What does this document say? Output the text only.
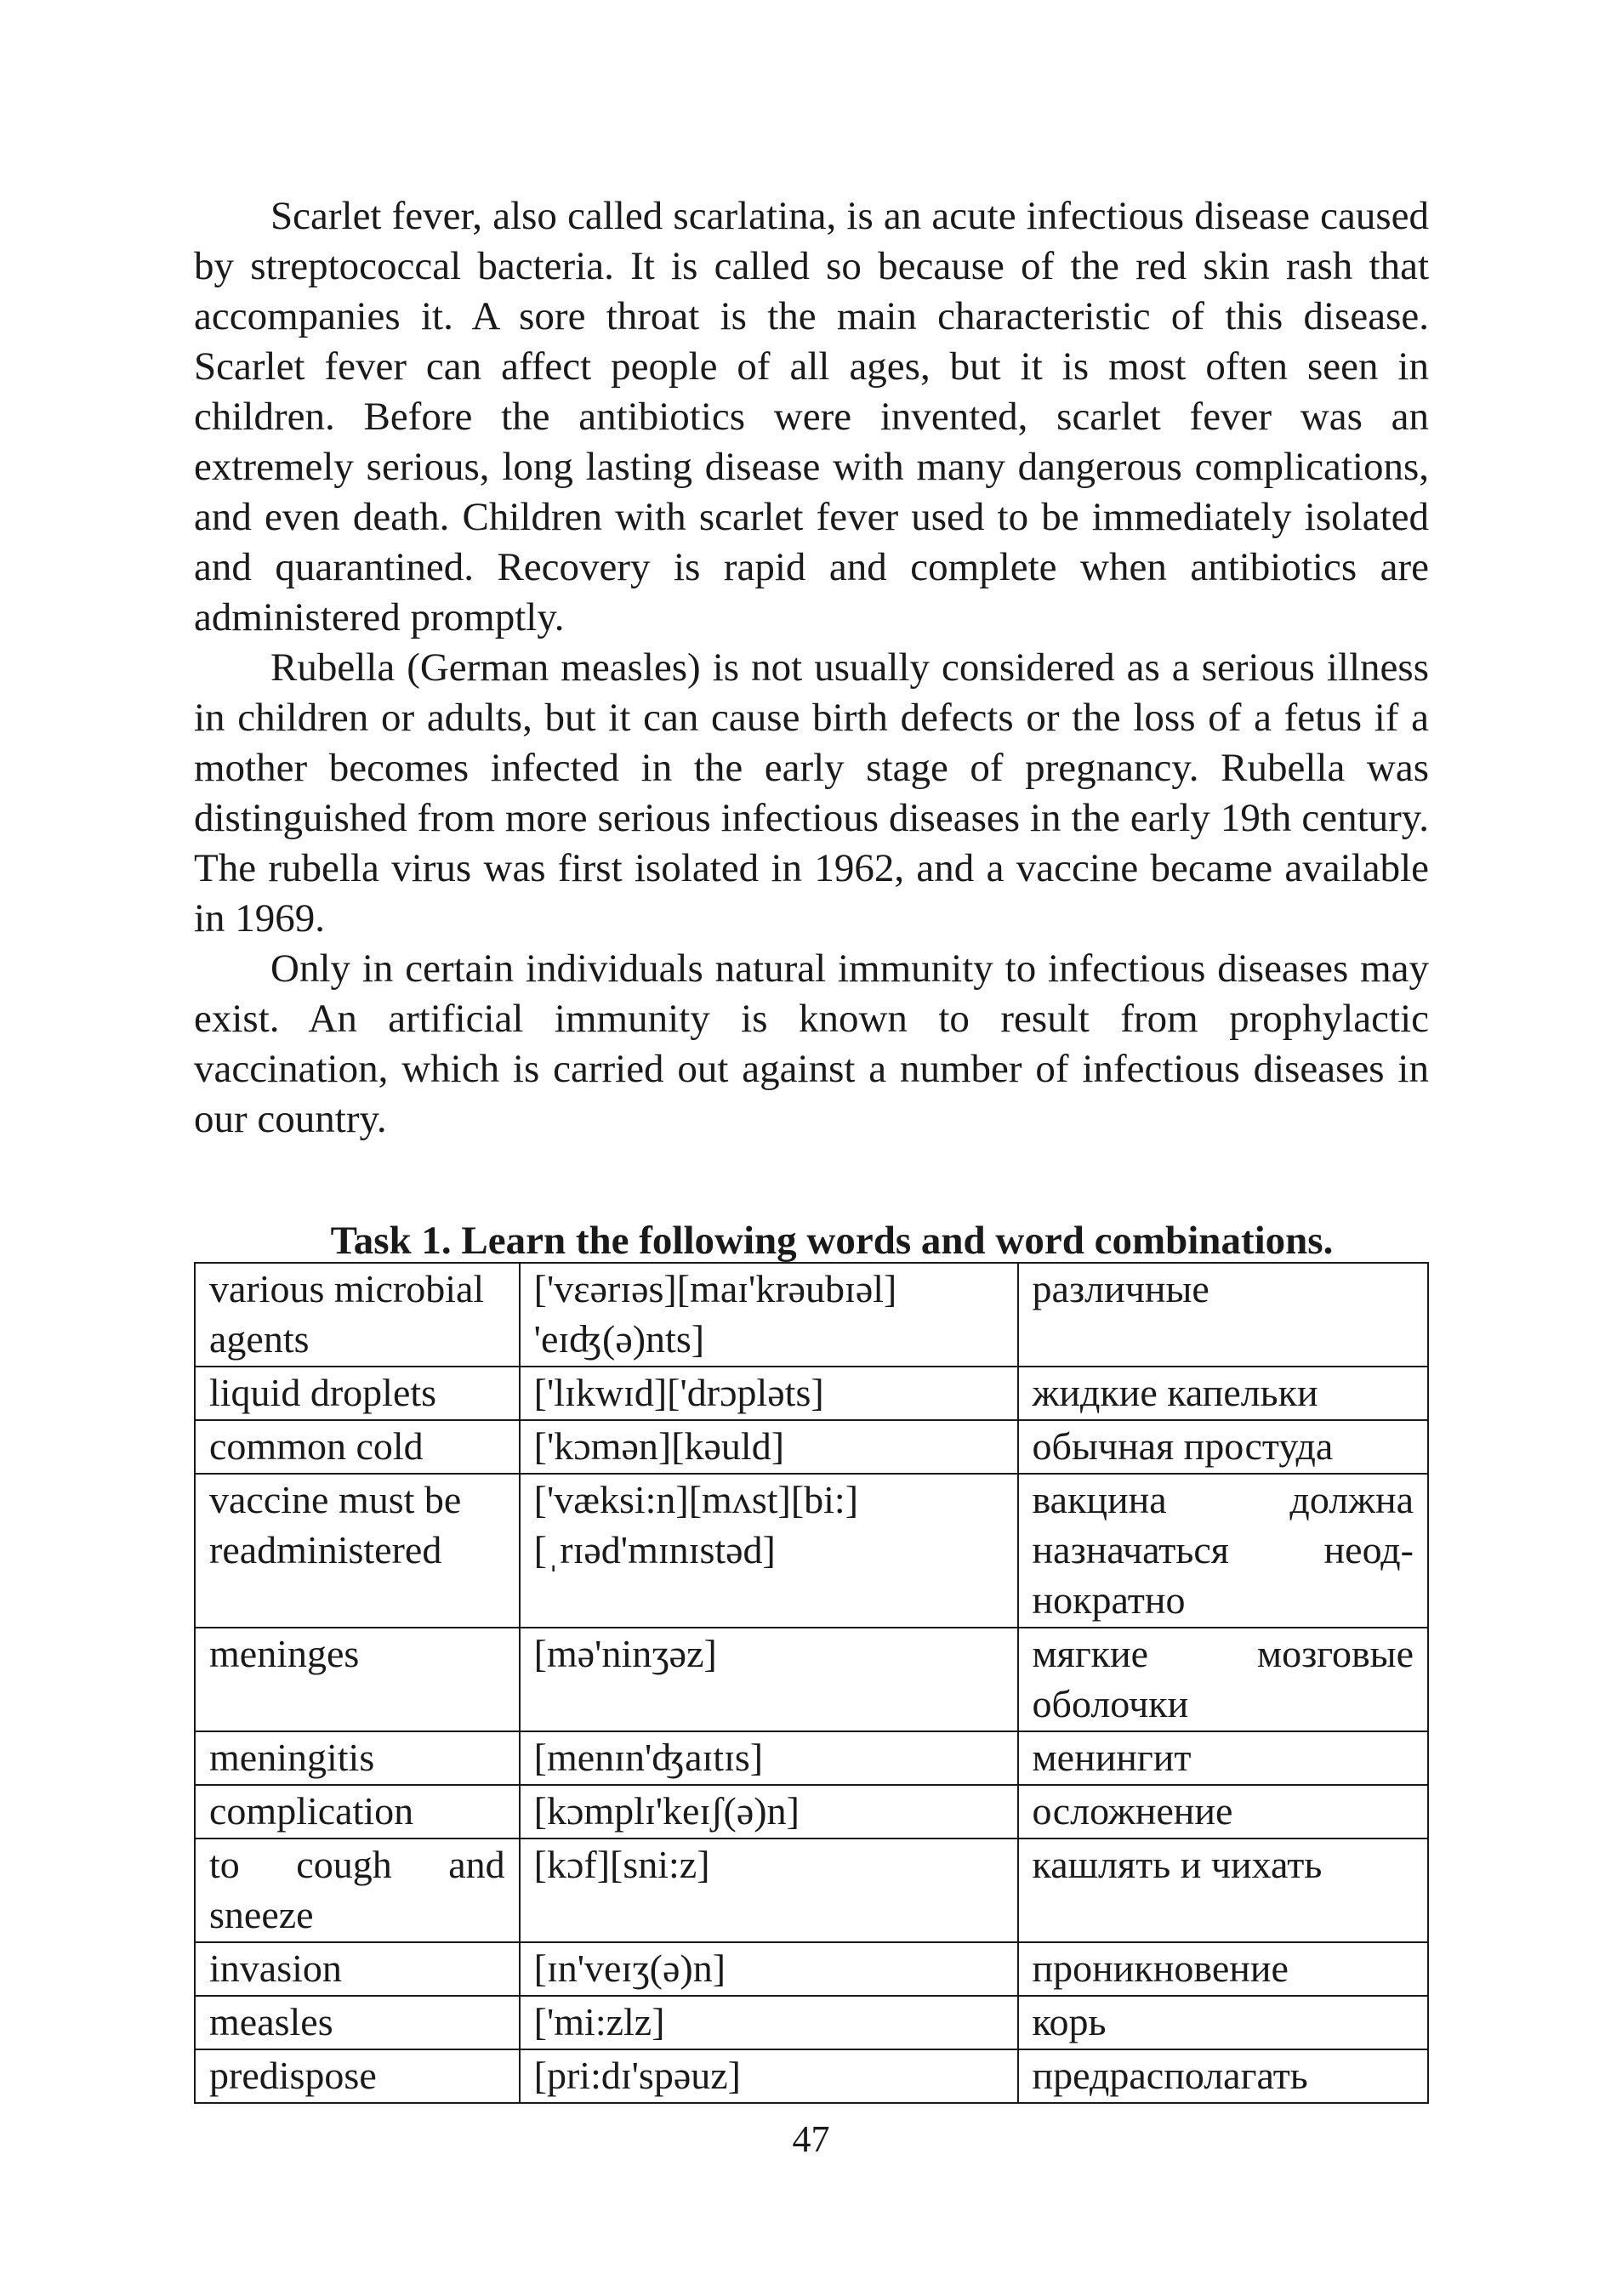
Scarlet fever, also called scarlatina, is an acute infectious disease caused by streptococcal bacteria. It is called so because of the red skin rash that accompanies it. A sore throat is the main characteristic of this disease. Scarlet fever can affect people of all ages, but it is most often seen in children. Before the antibiotics were invented, scarlet fever was an extremely serious, long lasting disease with many dangerous complications, and even death. Children with scarlet fever used to be immediately isolated and quarantined. Recovery is rapid and complete when antibiotics are administered promptly.

Rubella (German measles) is not usually considered as a serious illness in children or adults, but it can cause birth defects or the loss of a fetus if a mother becomes infected in the early stage of pregnancy. Rubella was distinguished from more serious infectious diseases in the early 19th century. The rubella virus was first isolated in 1962, and a vaccine became available in 1969.

Only in certain individuals natural immunity to infectious diseases may exist. An artificial immunity is known to result from prophylactic vaccination, which is carried out against a number of infectious diseases in our country.

Task 1. Learn the following words and word combinations.
various microbial agents	['vɛərɪəs][maɪ'krəubɪəl] 'eɪʤ(ə)nts]	различные
liquid droplets	['lɪkwɪd]['drɔpləts]	жидкие капельки
common cold	['kɔmən][kəuld]	обычная простуда
vaccine must be readministered	['væksi:n][mʌst][bi:] [ˌrɪəd'mɪnɪstəd]	вакцина должна назначаться неод-нократно
meninges	[mə'ninʒəz]	мягкие мозговые оболочки
meningitis	[menɪn'ʤaɪtɪs]	менингит
complication	[kɔmplɪ'keɪʃ(ə)n]	осложнение
to cough and sneeze	[kɔf][sni:z]	кашлять и чихать
invasion	[ɪn'veɪʒ(ə)n]	проникновение
measles	['mi:zlz]	корь
predispose	[pri:dɪ'spəuz]	предрасполагать
47
